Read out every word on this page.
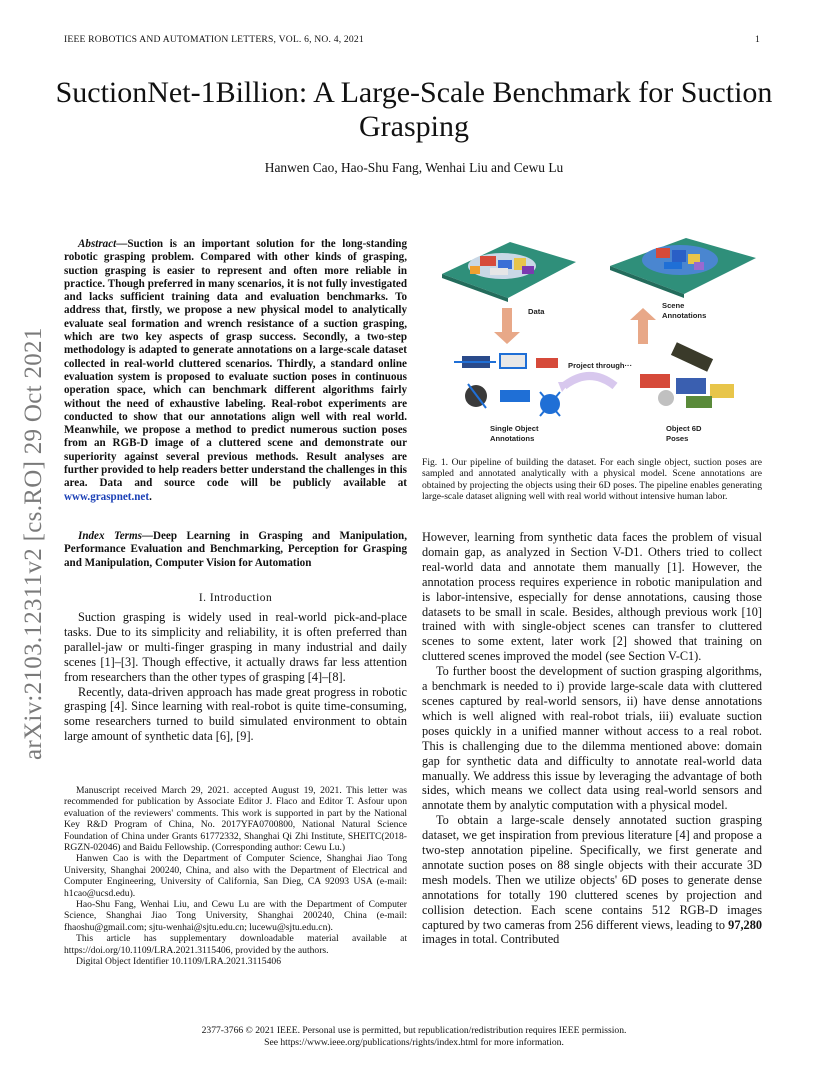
IEEE ROBOTICS AND AUTOMATION LETTERS, VOL. 6, NO. 4, 2021	1
SuctionNet-1Billion: A Large-Scale Benchmark for Suction Grasping
Hanwen Cao, Hao-Shu Fang, Wenhai Liu and Cewu Lu
arXiv:2103.12311v2 [cs.RO] 29 Oct 2021

Abstract—Suction is an important solution for the long-standing robotic grasping problem. Compared with other kinds of grasping, suction grasping is easier to represent and often more reliable in practice. Though preferred in many scenarios, it is not fully investigated and lacks sufficient training data and evaluation benchmarks. To address that, firstly, we propose a new physical model to analytically evaluate seal formation and wrench resistance of a suction grasping, which are two key aspects of grasp success. Secondly, a two-step methodology is adapted to generate annotations on a large-scale dataset collected in real-world cluttered scenarios. Thirdly, a standard online evaluation system is proposed to evaluate suction poses in continuous operation space, which can benchmark different algorithms fairly without the need of exhaustive labeling. Real-robot experiments are conducted to show that our annotations align well with real world. Meanwhile, we propose a method to predict numerous suction poses from an RGB-D image of a cluttered scene and demonstrate our superiority against several previous methods. Result analyses are further provided to help readers better understand the challenges in this area. Data and source code will be publicly available at www.graspnet.net.

Index Terms—Deep Learning in Grasping and Manipulation, Performance Evaluation and Benchmarking, Perception for Grasping and Manipulation, Computer Vision for Automation

I. Introduction

Suction grasping is widely used in real-world pick-and-place tasks. Due to its simplicity and reliability, it is often preferred than parallel-jaw or multi-finger grasping in many industrial and daily scenes [1]–[3]. Though effective, it actually draws far less attention from researchers than the other types of grasping [4]–[8].

Recently, data-driven approach has made great progress in robotic grasping [4]. Since learning with real-robot is quite time-consuming, some researchers turned to build simulated environment to obtain large amount of synthetic data [6], [9].

Manuscript received March 29, 2021. accepted August 19, 2021. This letter was recommended for publication by Associate Editor J. Flaco and Editor T. Asfour upon evaluation of the reviewers' comments. This work is supported in part by the National Key R&D Program of China, No. 2017YFA0700800, National Natural Science Foundation of China under Grants 61772332, Shanghai Qi Zhi Institute, SHEITC(2018-RGZN-02046) and Baidu Fellowship. (Corresponding author: Cewu Lu.)

Hanwen Cao is with the Department of Computer Science, Shanghai Jiao Tong University, Shanghai 200240, China, and also with the Department of Electrical and Computer Engineering, University of California, San Dieg, CA 92093 USA (e-mail: h1cao@ucsd.edu).

Hao-Shu Fang, Wenhai Liu, and Cewu Lu are with the Department of Computer Science, Shanghai Jiao Tong University, Shanghai 200240, China (e-mail: fhaoshu@gmail.com; sjtu-wenhai@sjtu.edu.cn; lucewu@sjtu.edu.cn).

This article has supplementary downloadable material available at https://doi.org/10.1109/LRA.2021.3115406, provided by the authors.

Digital Object Identifier 10.1109/LRA.2021.3115406

Data
Scene
Annotations
Project through···
Single Object
Annotations
Object 6D
Poses
Fig. 1. Our pipeline of building the dataset. For each single object, suction poses are sampled and annotated analytically with a physical model. Scene annotations are obtained by projecting the objects using their 6D poses. The pipeline enables generating large-scale dataset aligning well with real world without intensive human labor.

However, learning from synthetic data faces the problem of visual domain gap, as analyzed in Section V-D1. Others tried to collect real-world data and annotate them manually [1]. However, the annotation process requires experience in robotic manipulation and is labor-intensive, especially for dense annotations, causing those datasets to be small in scale. Besides, although previous work [10] trained with with single-object scenes can transfer to cluttered scenes to some extent, later work [2] showed that training on cluttered scenes improved the model (see Section V-C1).

To further boost the development of suction grasping algorithms, a benchmark is needed to i) provide large-scale data with cluttered scenes captured by real-world sensors, ii) have dense annotations which is well aligned with real-robot trials, iii) evaluate suction poses quickly in a unified manner without access to a real robot. This is challenging due to the dilemma mentioned above: domain gap for synthetic data and difficulty to annotate real-world data manually. We address this issue by leveraging the advantage of both sides, which means we collect data using real-world sensors and annotate them by analytic computation with a physical model.

To obtain a large-scale densely annotated suction grasping dataset, we get inspiration from previous literature [4] and propose a two-step annotation pipeline. Specifically, we first generate and annotate suction poses on 88 single objects with their accurate 3D mesh models. Then we utilize objects' 6D poses to generate dense annotations for totally 190 cluttered scenes by projection and collision detection. Each scene contains 512 RGB-D images captured by two cameras from 256 different views, leading to 97,280 images in total. Contributed

2377-3766 © 2021 IEEE. Personal use is permitted, but republication/redistribution requires IEEE permission.
See https://www.ieee.org/publications/rights/index.html for more information.
